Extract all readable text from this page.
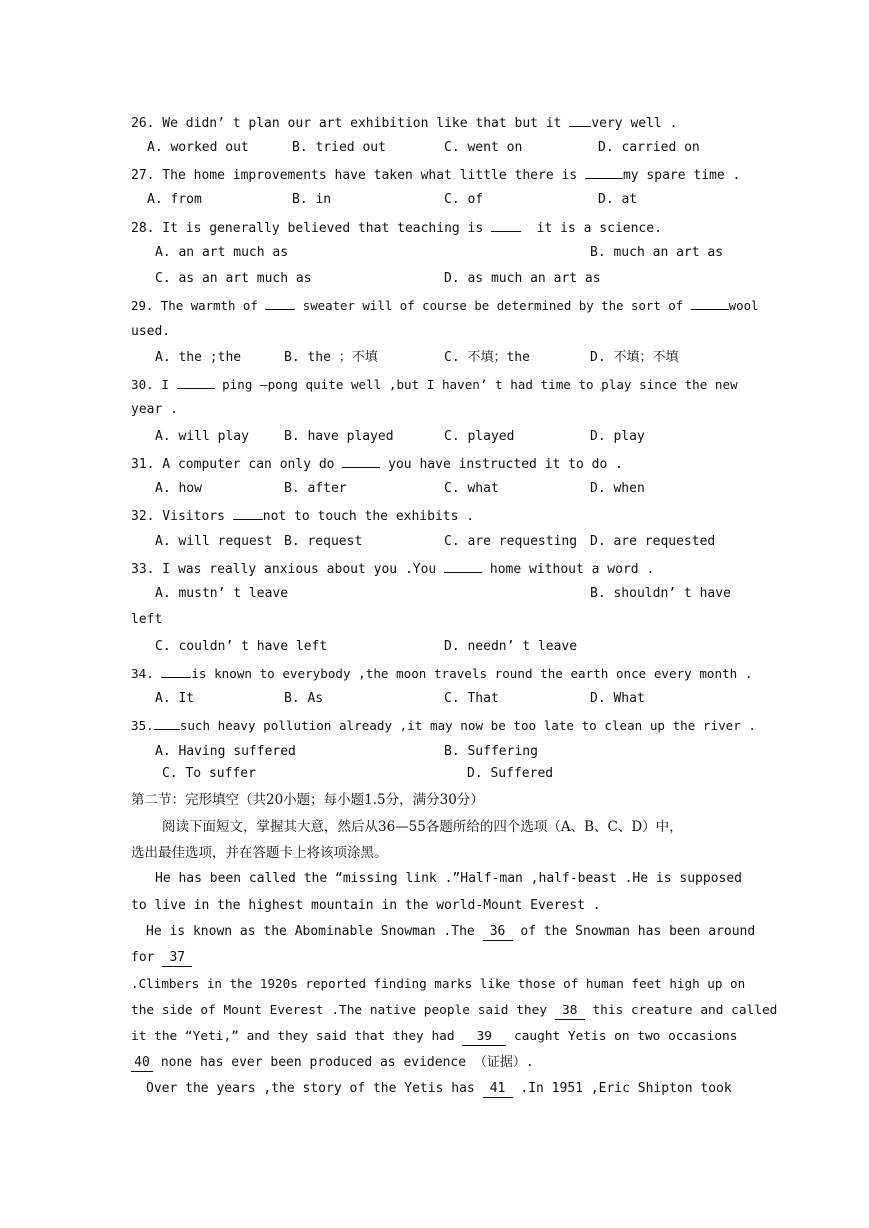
26. We didn’ t plan our art exhibition like that but it very well .
A. worked out	B. tried out	C. went on	D. carried on
27. The home improvements have taken what little there is	my spare time .
A. from	B. in	C. of	D. at
28. It is generally believed that teaching is   it is a science.
A. an art much as	B. much an art as
C. as an art much as	D. as much an art as
29. The warmth of  sweater will of course be determined by the sort of	wool
used.
A. the ;the	B. the ；不填	C. 不填；the	D. 不填；不填
30. I	ping —pong quite well ,but I haven’ t had time to play since the new
year .
A. will play	B. have played	C. played	D. play
31. A computer can only do	you have instructed it to do .
A. how	B. after	C. what	D. when
32. Visitors not to touch the exhibits .
A. will request B. request	C. are requesting D. are requested
33. I was really anxious about you .You	home without a word .
A. mustn’ t leave	B. shouldn’ t have
left
C. couldn’ t have left	D. needn’ t leave
34.	is known to everybody ,the moon travels round the earth once every month .
A. It	B. As	C. That	D. What
35. such heavy pollution already ,it may now be too late to clean up the river .
A. Having suffered	B. Suffering
C. To suffer	D. Suffered
第二节：完形填空（共20小题；每小题1.5分，满分30分）
阅读下面短文，掌握其大意，然后从36—55各题所给的四个选项（A、B、C、D）中，
选出最佳选项，并在答题卡上将该项涂黑。
He has been called the “missing link .”Half-man ,half-beast .He is supposed
to live in the highest mountain in the world-Mount Everest .
He is known as the Abominable Snowman .The 36 of the Snowman has been around
for 37
.Climbers in the 1920s reported finding marks like those of human feet high up on
the side of Mount Everest .The native people said they 38 this creature and called
it the “Yeti,” and they said that they had 39 caught Yetis on two occasions
40 none has ever been produced as evidence （证据）.
Over the years ,the story of the Yetis has 41 .In 1951 ,Eric Shipton took
